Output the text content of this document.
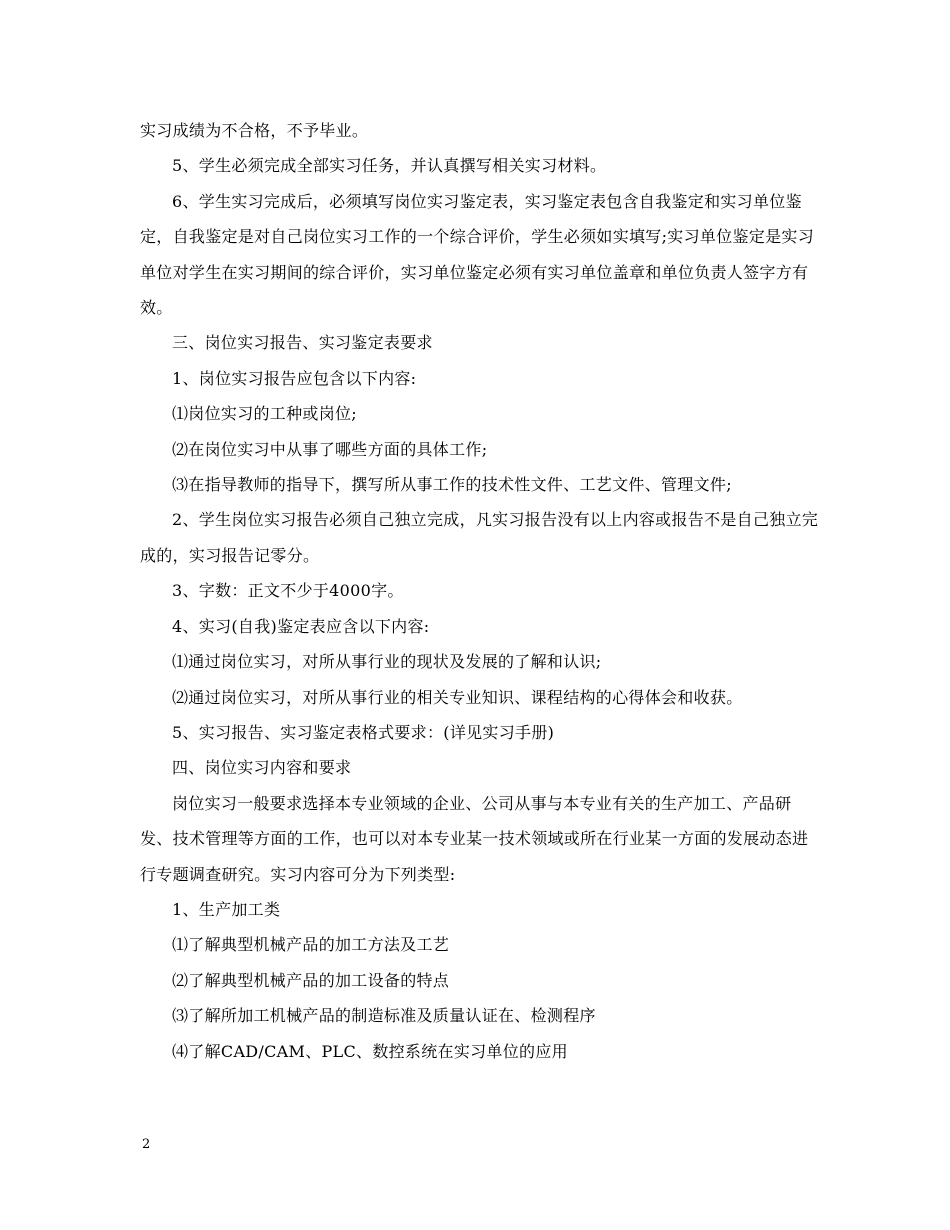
实习成绩为不合格，不予毕业。

5、学生必须完成全部实习任务，并认真撰写相关实习材料。

6、学生实习完成后，必须填写岗位实习鉴定表，实习鉴定表包含自我鉴定和实习单位鉴定，自我鉴定是对自己岗位实习工作的一个综合评价，学生必须如实填写;实习单位鉴定是实习单位对学生在实习期间的综合评价，实习单位鉴定必须有实习单位盖章和单位负责人签字方有效。

三、岗位实习报告、实习鉴定表要求

1、岗位实习报告应包含以下内容:

⑴岗位实习的工种或岗位;

⑵在岗位实习中从事了哪些方面的具体工作;

⑶在指导教师的指导下，撰写所从事工作的技术性文件、工艺文件、管理文件;

2、学生岗位实习报告必须自己独立完成，凡实习报告没有以上内容或报告不是自己独立完成的，实习报告记零分。

3、字数：正文不少于4000字。

4、实习(自我)鉴定表应含以下内容:

⑴通过岗位实习，对所从事行业的现状及发展的了解和认识;

⑵通过岗位实习，对所从事行业的相关专业知识、课程结构的心得体会和收获。

5、实习报告、实习鉴定表格式要求：(详见实习手册)

四、岗位实习内容和要求

岗位实习一般要求选择本专业领域的企业、公司从事与本专业有关的生产加工、产品研发、技术管理等方面的工作，也可以对本专业某一技术领域或所在行业某一方面的发展动态进行专题调查研究。实习内容可分为下列类型:

1、生产加工类

⑴了解典型机械产品的加工方法及工艺

⑵了解典型机械产品的加工设备的特点

⑶了解所加工机械产品的制造标准及质量认证在、检测程序

⑷了解CAD/CAM、PLC、数控系统在实习单位的应用

2
